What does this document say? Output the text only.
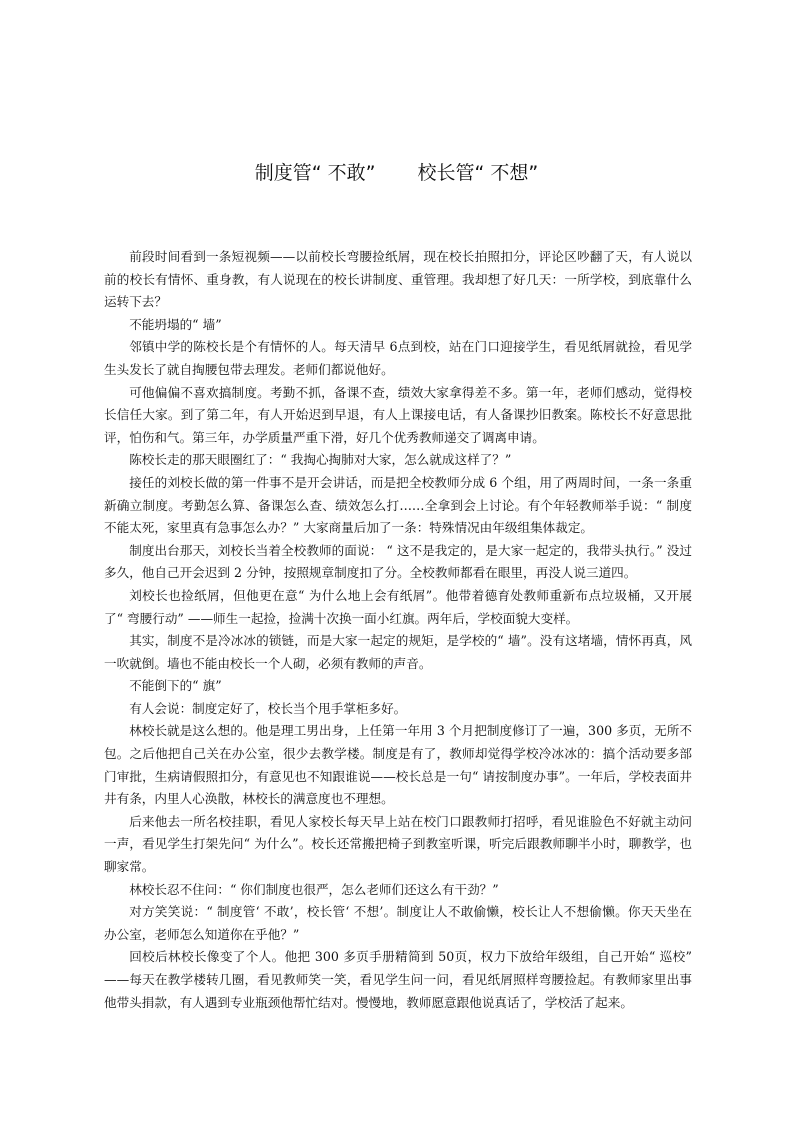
制度管“ 不敢” 校长管“ 不想”

前段时间看到一条短视频——以前校长弯腰捡纸屑，现在校长拍照扣分，评论区吵翻了天，有人说以前的校长有情怀、重身教，有人说现在的校长讲制度、重管理。我却想了好几天：一所学校，到底靠什么运转下去？

不能坍塌的“ 墙”

邻镇中学的陈校长是个有情怀的人。每天清早 6点到校，站在门口迎接学生，看见纸屑就捡，看见学生头发长了就自掏腰包带去理发。老师们都说他好。

可他偏偏不喜欢搞制度。考勤不抓，备课不查，绩效大家拿得差不多。第一年，老师们感动，觉得校长信任大家。到了第二年，有人开始迟到早退，有人上课接电话，有人备课抄旧教案。陈校长不好意思批评，怕伤和气。第三年，办学质量严重下滑，好几个优秀教师递交了调离申请。

陈校长走的那天眼圈红了：“ 我掏心掏肺对大家，怎么就成这样了？”

接任的刘校长做的第一件事不是开会讲话，而是把全校教师分成 6 个组，用了两周时间，一条一条重新确立制度。考勤怎么算、备课怎么查、绩效怎么打……全拿到会上讨论。有个年轻教师举手说：“ 制度不能太死，家里真有急事怎么办？” 大家商量后加了一条：特殊情况由年级组集体裁定。

制度出台那天，刘校长当着全校教师的面说： “ 这不是我定的，是大家一起定的，我带头执行。” 没过多久，他自己开会迟到 2 分钟，按照规章制度扣了分。全校教师都看在眼里，再没人说三道四。

刘校长也捡纸屑，但他更在意“ 为什么地上会有纸屑”。他带着德育处教师重新布点垃圾桶，又开展了“ 弯腰行动” ——师生一起捡，捡满十次换一面小红旗。两年后，学校面貌大变样。

其实，制度不是冷冰冰的锁链，而是大家一起定的规矩，是学校的“ 墙”。没有这堵墙，情怀再真，风一吹就倒。墙也不能由校长一个人砌，必须有教师的声音。

不能倒下的“ 旗”

有人会说：制度定好了，校长当个甩手掌柜多好。

林校长就是这么想的。他是理工男出身，上任第一年用 3 个月把制度修订了一遍，300 多页，无所不包。之后他把自己关在办公室，很少去教学楼。制度是有了，教师却觉得学校冷冰冰的：搞个活动要多部门审批，生病请假照扣分，有意见也不知跟谁说——校长总是一句“ 请按制度办事”。一年后，学校表面井井有条，内里人心涣散，林校长的满意度也不理想。

后来他去一所名校挂职，看见人家校长每天早上站在校门口跟教师打招呼，看见谁脸色不好就主动问一声，看见学生打架先问“ 为什么”。校长还常搬把椅子到教室听课，听完后跟教师聊半小时，聊教学，也聊家常。

林校长忍不住问：“ 你们制度也很严，怎么老师们还这么有干劲？”

对方笑笑说：“ 制度管‘ 不敢’，校长管‘ 不想’。制度让人不敢偷懒，校长让人不想偷懒。你天天坐在办公室，老师怎么知道你在乎他？”

回校后林校长像变了个人。他把 300 多页手册精简到 50页，权力下放给年级组，自己开始“ 巡校” ——每天在教学楼转几圈，看见教师笑一笑，看见学生问一问，看见纸屑照样弯腰捡起。有教师家里出事他带头捐款，有人遇到专业瓶颈他帮忙结对。慢慢地，教师愿意跟他说真话了，学校活了起来。
